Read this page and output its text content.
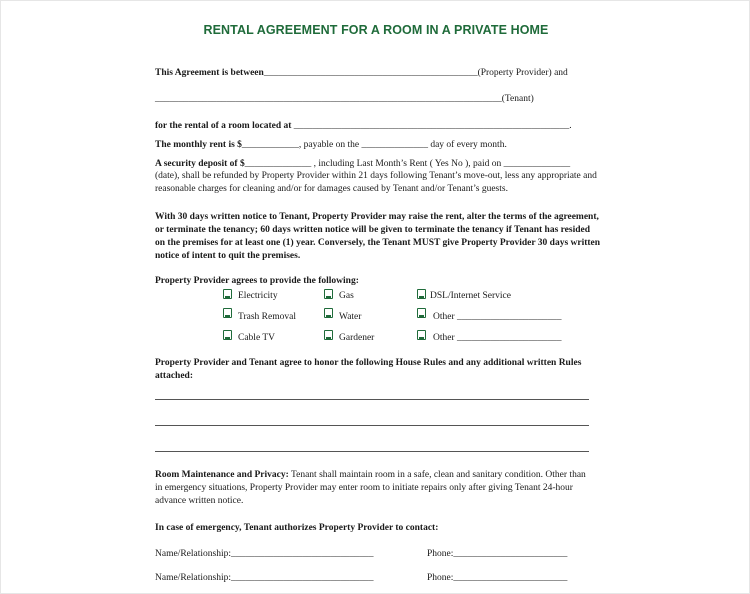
RENTAL AGREEMENT FOR A ROOM IN A PRIVATE HOME
This Agreement is between_____________________________________________(Property Provider) and
_________________________________________________________________________(Tenant)
for the rental of a room located at __________________________________________________________.
The monthly rent is $____________, payable on the ______________ day of every month.
A security deposit of $______________ , including Last Month’s Rent ( Yes No ), paid on ______________
(date), shall be refunded by Property Provider within 21 days following Tenant’s move-out, less any appropriate and reasonable charges for cleaning and/or for damages caused by Tenant and/or Tenant’s guests.
With 30 days written notice to Tenant, Property Provider may raise the rent, alter the terms of the agreement, or terminate the tenancy; 60 days written notice will be given to terminate the tenancy if Tenant has resided on the premises for at least one (1) year. Conversely, the Tenant MUST give Property Provider 30 days written notice of intent to quit the premises.
Property Provider agrees to provide the following:
Electricity	Gas	DSL/Internet Service
Trash Removal	Water	Other ______________________
Cable TV	Gardener	Other ______________________
Property Provider and Tenant agree to honor the following House Rules and any additional written Rules attached:
Room Maintenance and Privacy: Tenant shall maintain room in a safe, clean and sanitary condition. Other than in emergency situations, Property Provider may enter room to initiate repairs only after giving Tenant 24-hour advance written notice.
In case of emergency, Tenant authorizes Property Provider to contact:
Name/Relationship:______________________________	Phone:________________________
Name/Relationship:______________________________	Phone:________________________
